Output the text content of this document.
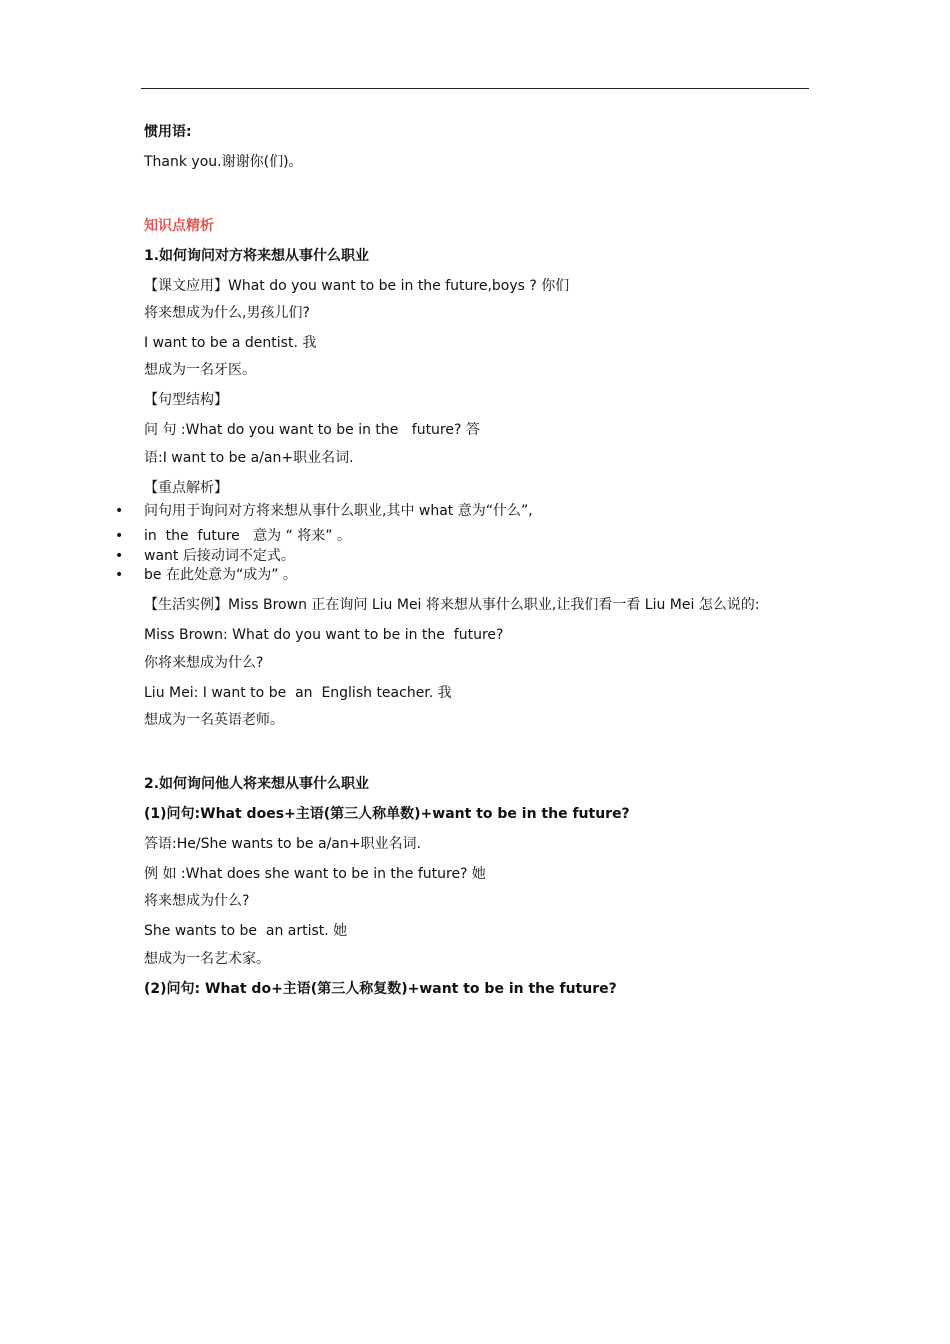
惯用语:
Thank you.谢谢你(们)。
知识点精析
1.如何询问对方将来想从事什么职业
【课文应用】What do you want to be in the future,boys ? 你们
将来想成为什么,男孩儿们?
I want to be a dentist. 我
想成为一名牙医。
【句型结构】
问 句 :What do you want to be in the   future? 答
语:I want to be a/an+职业名词.
【重点解析】
• 问句用于询问对方将来想从事什么职业,其中 what 意为“什么”,
• in  the  future   意为 “ 将来” 。
• want 后接动词不定式。
• be 在此处意为“成为” 。
【生活实例】Miss Brown 正在询问 Liu Mei 将来想从事什么职业,让我们看一看 Liu Mei 怎么说的:
Miss Brown: What do you want to be in the  future?
你将来想成为什么?
Liu Mei: I want to be  an  English teacher. 我
想成为一名英语老师。
2.如何询问他人将来想从事什么职业
(1)问句:What does+主语(第三人称单数)+want to be in the future?
答语:He/She wants to be a/an+职业名词.
例 如 :What does she want to be in the future? 她
将来想成为什么?
She wants to be  an artist. 她
想成为一名艺术家。
(2)问句: What do+主语(第三人称复数)+want to be in the future?
